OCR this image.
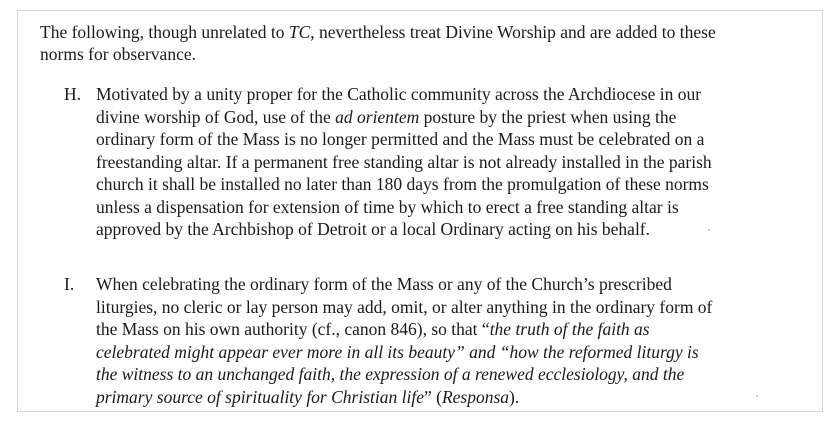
The following, though unrelated to TC, nevertheless treat Divine Worship and are added to these
norms for observance.

H. Motivated by a unity proper for the Catholic community across the Archdiocese in our
divine worship of God, use of the ad orientem posture by the priest when using the
ordinary form of the Mass is no longer permitted and the Mass must be celebrated on a
freestanding altar. If a permanent free standing altar is not already installed in the parish
church it shall be installed no later than 180 days from the promulgation of these norms
unless a dispensation for extension of time by which to erect a free standing altar is
approved by the Archbishop of Detroit or a local Ordinary acting on his behalf.

I.	When celebrating the ordinary form of the Mass or any of the Church’s prescribed
liturgies, no cleric or lay person may add, omit, or alter anything in the ordinary form of
the Mass on his own authority (cf., canon 846), so that “the truth of the faith as
celebrated might appear ever more in all its beauty” and “how the reformed liturgy is
the witness to an unchanged faith, the expression of a renewed ecclesiology, and the
primary source of spirituality for Christian life” (Responsa).
